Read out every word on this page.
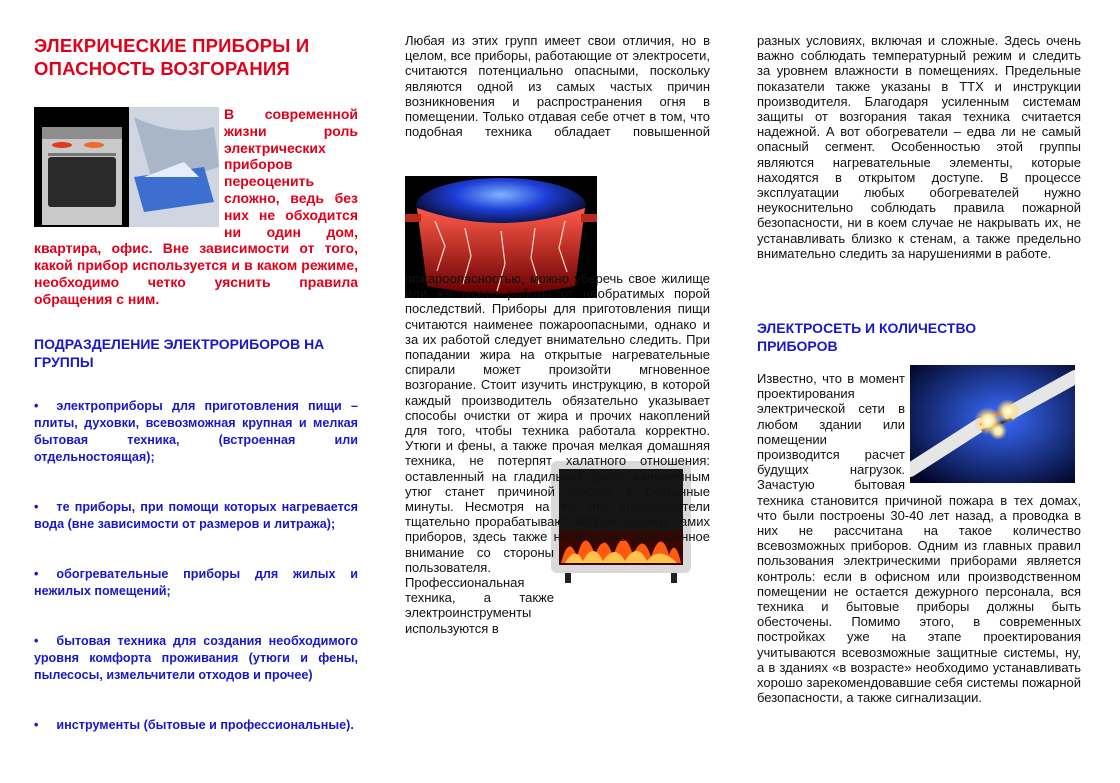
ЭЛЕКРИЧЕСКИЕ ПРИБОРЫ И ОПАСНОСТЬ ВОЗГОРАНИЯ
В современной жизни роль электрических приборов переоценить сложно, ведь без них не обходится ни один дом, квартира, офис. Вне зависимости от того, какой прибор используется и в каком режиме, необходимо четко уяснить правила обращения с ним.
ПОДРАЗДЕЛЕНИЕ ЭЛЕКТРОРИБОРОВ НА ГРУППЫ
• электроприборы для приготовления пищи – плиты, духовки, всевозможная крупная и мелкая бытовая техника, (встроенная или отдельностоящая);
• те приборы, при помощи которых нагревается вода (вне зависимости от размеров и литража);
• обогревательные приборы для жилых и нежилых помещений;
• бытовая техника для создания необходимого уровня комфорта проживания (утюги и фены, пылесосы, измельчители отходов и прочее)
• инструменты (бытовые и профессиональные).

Любая из этих групп имеет свои отличия, но в целом, все приборы, работающие от электросети, считаются потенциально опасными, поскольку являются одной из самых частых причин возникновения и распространения огня в помещении. Только отдавая себе отчет в том, что подобная техника обладает повышенной пожароопасностью, можно уберечь свое жилище или же место работы от необратимых порой последствий. Приборы для приготовления пищи считаются наименее пожароопасными, однако и за их работой следует внимательно следить. При попадании жира на открытые нагревательные спирали может произойти мгновенное возгорание. Стоит изучить инструкцию, в которой каждый производитель обязательно указывает способы очистки от жира и прочих накоплений для того, чтобы техника работала корректно. Утюги и фены, а также прочая мелкая домашняя техника, не потерпят халатного отношения: оставленный на гладильной доске включенным утюг станет причиной пожара в считанные минуты. Несмотря на то, что производители тщательно прорабатывают вопрос защиты самих приборов, здесь также необходимо повышенное внимание со стороны пользователя. Профессиональная техника, а также электроинструменты используются в

разных условиях, включая и сложные. Здесь очень важно соблюдать температурный режим и следить за уровнем влажности в помещениях. Предельные показатели также указаны в ТТХ и инструкции производителя. Благодаря усиленным системам защиты от возгорания такая техника считается надежной. А вот обогреватели – едва ли не самый опасный сегмент. Особенностью этой группы являются нагревательные элементы, которые находятся в открытом доступе. В процессе эксплуатации любых обогревателей нужно неукоснительно соблюдать правила пожарной безопасности, ни в коем случае не накрывать их, не устанавливать близко к стенам, а также предельно внимательно следить за нарушениями в работе.

ЭЛЕКТРОСЕТЬ И КОЛИЧЕСТВО ПРИБОРОВ

Известно, что в момент проектирования электрической сети в любом здании или помещении производится расчет будущих нагрузок. Зачастую бытовая техника становится причиной пожара в тех домах, что были построены 30-40 лет назад, а проводка в них не рассчитана на такое количество всевозможных приборов. Одним из главных правил пользования электрическими приборами является контроль: если в офисном или производственном помещении не остается дежурного персонала, вся техника и бытовые приборы должны быть обесточены. Помимо этого, в современных постройках уже на этапе проектирования учитываются всевозможные защитные системы, ну, а в зданиях «в возрасте» необходимо устанавливать хорошо зарекомендовавшие себя системы пожарной безопасности, а также сигнализации.
